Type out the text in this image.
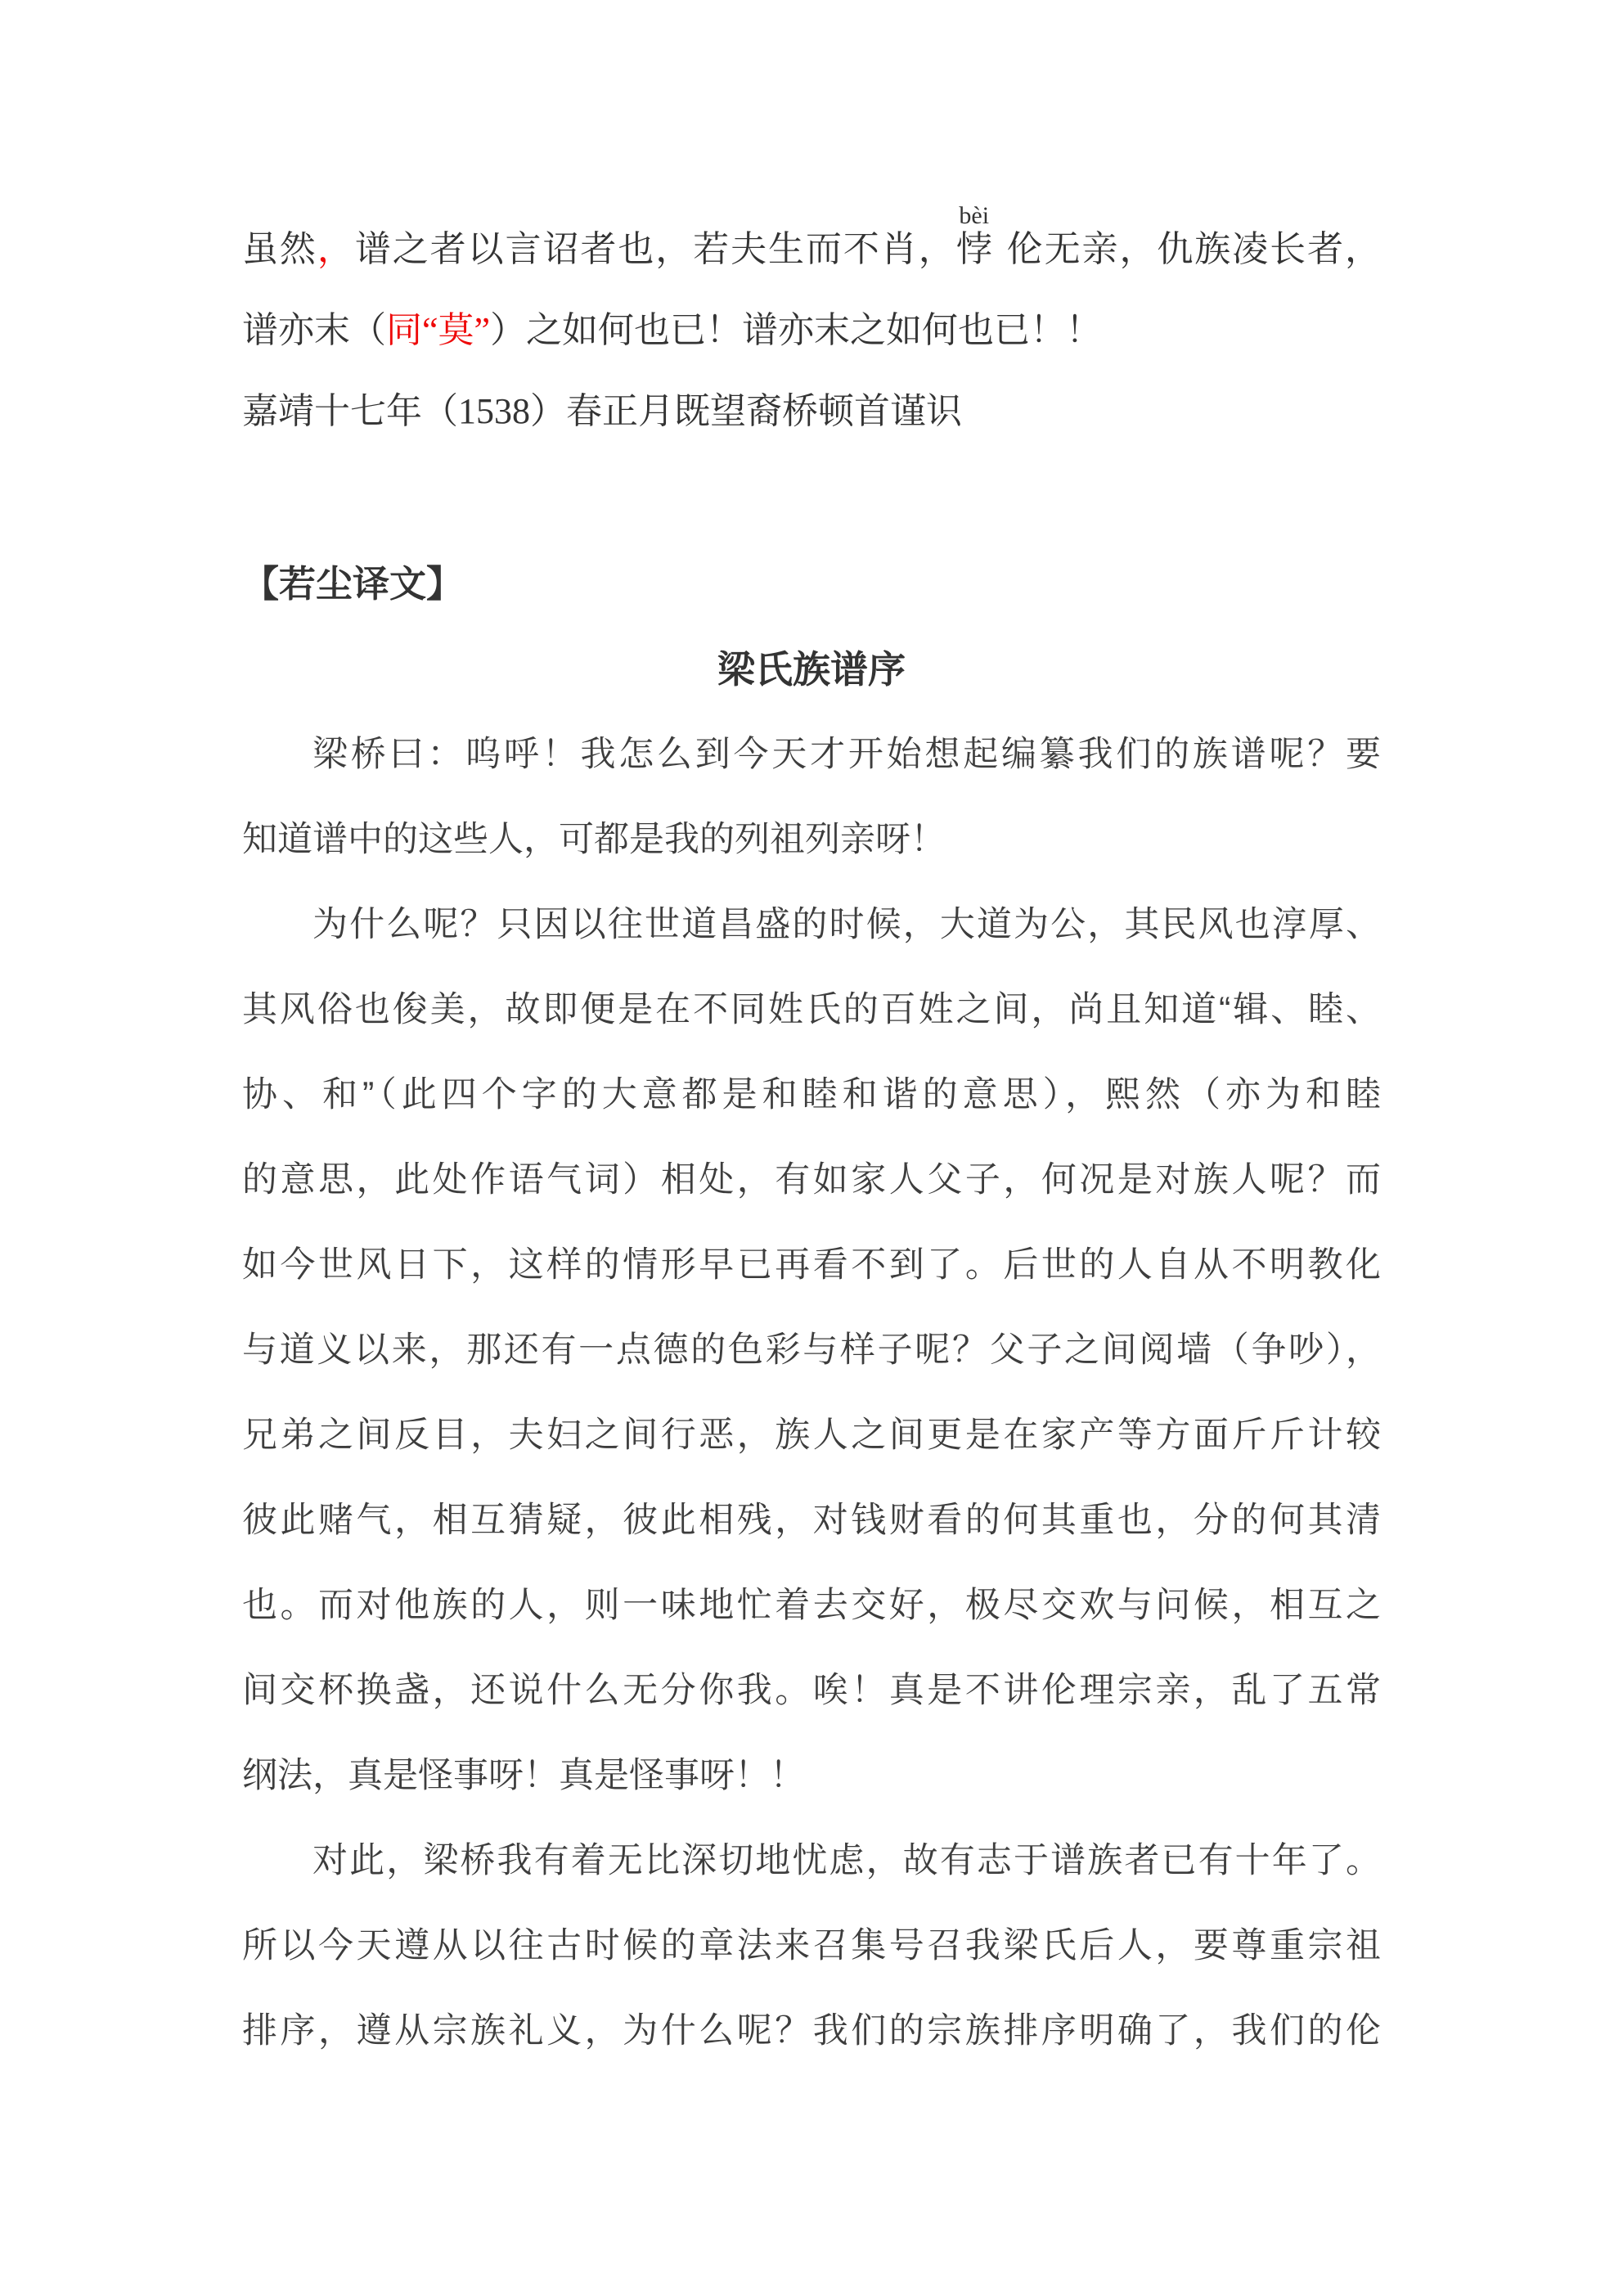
虽然，谱之者以言诏者也，若夫生而不肖，悖
bèi
伦无亲，仇族凌长者，
谱亦末（同“莫”）之如何也已！谱亦末之如何也已！！
嘉靖十七年（1538）春正月既望裔桥顿首谨识
【若尘译文】
梁氏族谱序
梁桥曰：呜呼！我怎么到今天才开始想起编纂我们的族谱呢？要
知道谱中的这些人，可都是我的列祖列亲呀！
为什么呢？只因以往世道昌盛的时候，大道为公，其民风也淳厚、
其风俗也俊美，故即便是在不同姓氏的百姓之间，尚且知道“辑、睦、
协、和”（此四个字的大意都是和睦和谐的意思），熙然（亦为和睦
的意思，此处作语气词）相处，有如家人父子，何况是对族人呢？而
如今世风日下，这样的情形早已再看不到了。后世的人自从不明教化
与道义以来，那还有一点德的色彩与样子呢？父子之间阅墙（争吵），
兄弟之间反目，夫妇之间行恶，族人之间更是在家产等方面斤斤计较
彼此赌气，相互猜疑，彼此相残，对钱财看的何其重也，分的何其清
也。而对他族的人，则一味地忙着去交好，极尽交欢与问候，相互之
间交杯换盏，还说什么无分你我。唉！真是不讲伦理宗亲，乱了五常
纲法，真是怪事呀！真是怪事呀！！
对此，梁桥我有着无比深切地忧虑，故有志于谱族者已有十年了。
所以今天遵从以往古时候的章法来召集号召我梁氏后人，要尊重宗祖
排序，遵从宗族礼义，为什么呢？我们的宗族排序明确了，我们的伦
